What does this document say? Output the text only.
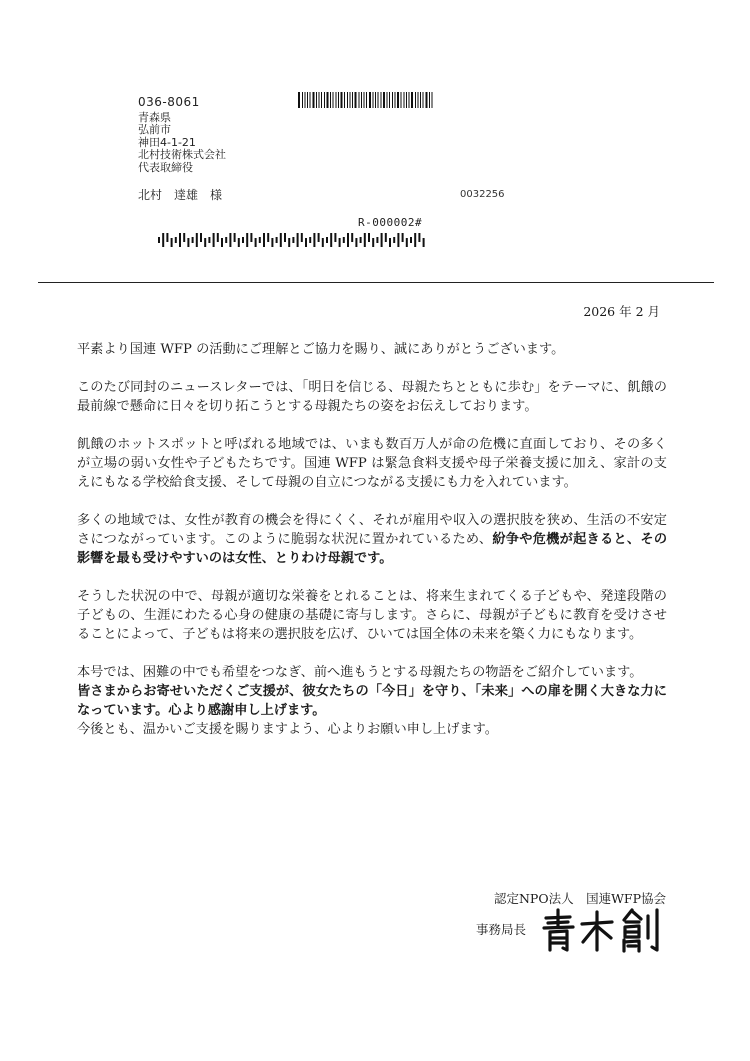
036-8061
青森県
弘前市
神田4-1-21
北村技術株式会社
代表取締役
北村　達雄　様	0032256
R-000002#
2026 年 2 月

平素より国連 WFP の活動にご理解とご協力を賜り、誠にありがとうございます。

このたび同封のニュースレターでは、「明日を信じる、母親たちとともに歩む」をテーマに、飢餓の最前線で懸命に日々を切り拓こうとする母親たちの姿をお伝えしております。

飢餓のホットスポットと呼ばれる地域では、いまも数百万人が命の危機に直面しており、その多くが立場の弱い女性や子どもたちです。国連 WFP は緊急食料支援や母子栄養支援に加え、家計の支えにもなる学校給食支援、そして母親の自立につながる支援にも力を入れています。

多くの地域では、女性が教育の機会を得にくく、それが雇用や収入の選択肢を狭め、生活の不安定さにつながっています。このように脆弱な状況に置かれているため、紛争や危機が起きると、その影響を最も受けやすいのは女性、とりわけ母親です。

そうした状況の中で、母親が適切な栄養をとれることは、将来生まれてくる子どもや、発達段階の子どもの、生涯にわたる心身の健康の基礎に寄与します。さらに、母親が子どもに教育を受けさせることによって、子どもは将来の選択肢を広げ、ひいては国全体の未来を築く力にもなります。

本号では、困難の中でも希望をつなぎ、前へ進もうとする母親たちの物語をご紹介しています。

皆さまからお寄せいただくご支援が、彼女たちの「今日」を守り、「未来」への扉を開く大きな力になっています。心より感謝申し上げます。

今後とも、温かいご支援を賜りますよう、心よりお願い申し上げます。

認定NPO法人　国連WFP協会
事務局長
